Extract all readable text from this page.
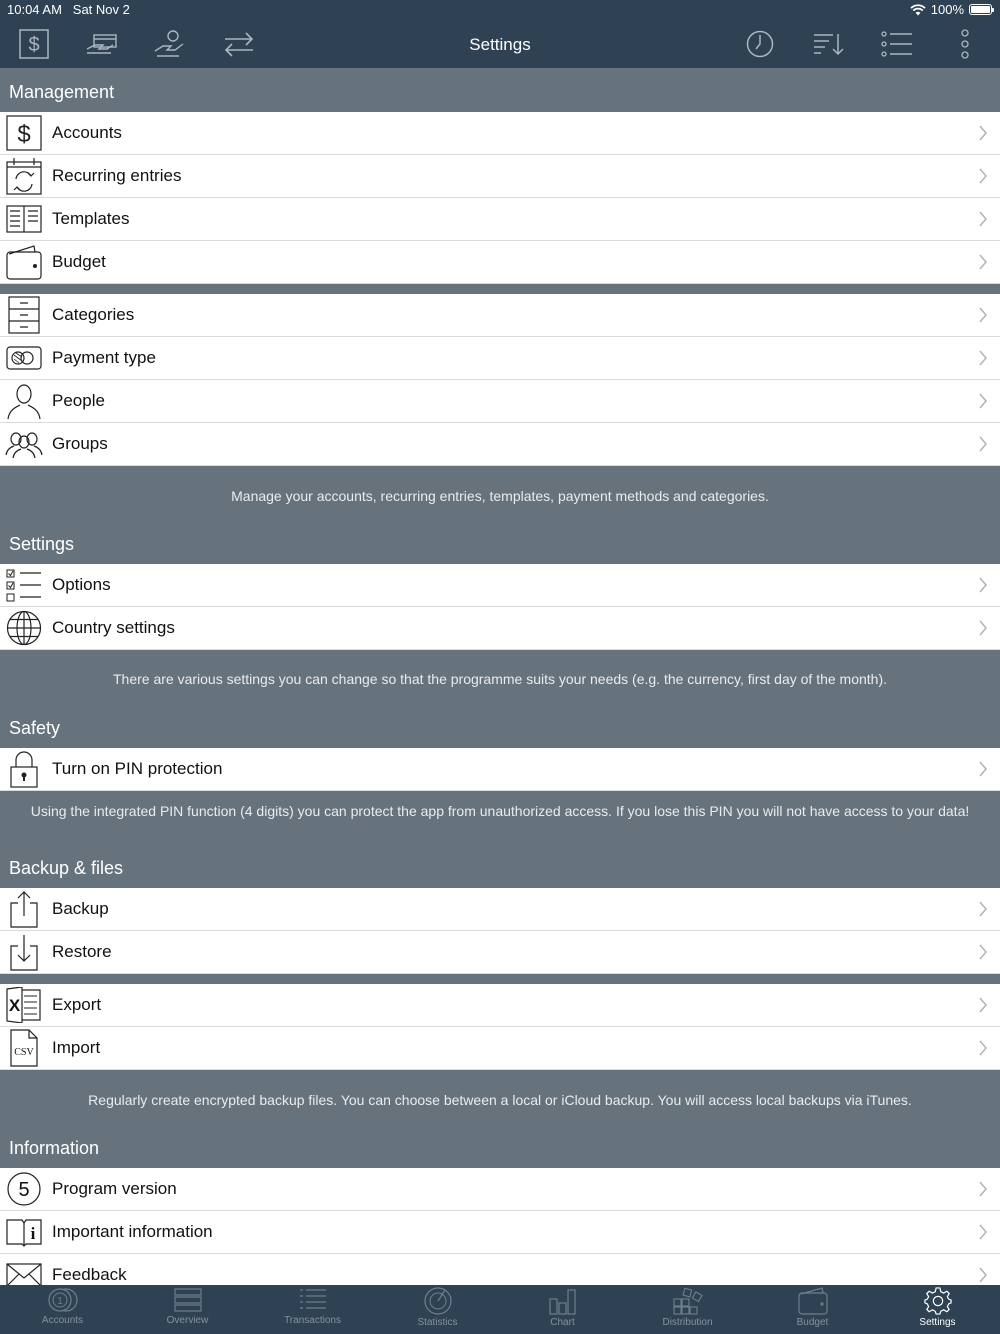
10:04 AM Sat Nov 2	100%
$	Settings
Management
$ Accounts
Recurring entries
Templates
Budget
Categories
Payment type
People
Groups
Manage your accounts, recurring entries, templates, payment methods and categories.
Settings
Options
Country settings
There are various settings you can change so that the programme suits your needs (e.g. the currency, first day of the month).
Safety
Turn on PIN protection
Using the integrated PIN function (4 digits) you can protect the app from unauthorized access. If you lose this PIN you will not have access to your data!
Backup & files
Backup
Restore
X Export
CSV Import
Regularly create encrypted backup files. You can choose between a local or iCloud backup. You will access local backups via iTunes.
Information
5 Program version
i Important information
Feedback
1
Accounts	Overview	Transactions	Statistics	Chart	Distribution	Budget	Settings
